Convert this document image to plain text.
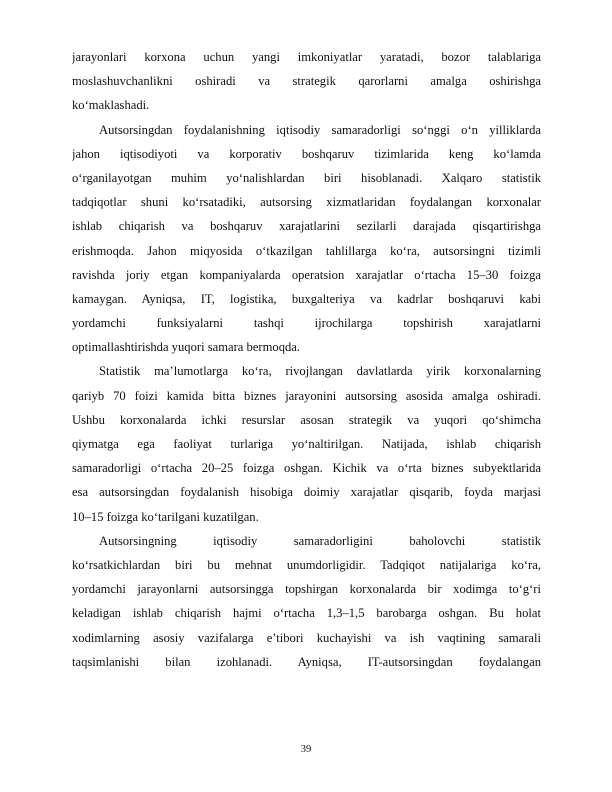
jarayonlari korxona uchun yangi imkoniyatlar yaratadi, bozor talablariga
moslashuvchanlikni oshiradi va strategik qarorlarni amalga oshirishga
ko‘maklashadi.
Autsorsingdan foydalanishning iqtisodiy samaradorligi so‘nggi o‘n yilliklarda
jahon iqtisodiyoti va korporativ boshqaruv tizimlarida keng ko‘lamda
o‘rganilayotgan muhim yo‘nalishlardan biri hisoblanadi. Xalqaro statistik
tadqiqotlar shuni ko‘rsatadiki, autsorsing xizmatlaridan foydalangan korxonalar
ishlab chiqarish va boshqaruv xarajatlarini sezilarli darajada qisqartirishga
erishmoqda. Jahon miqyosida o‘tkazilgan tahlillarga ko‘ra, autsorsingni tizimli
ravishda joriy etgan kompaniyalarda operatsion xarajatlar o‘rtacha 15–30 foizga
kamaygan. Ayniqsa, IT, logistika, buxgalteriya va kadrlar boshqaruvi kabi
yordamchi funksiyalarni tashqi ijrochilarga topshirish xarajatlarni
optimallashtirishda yuqori samara bermoqda.
Statistik ma’lumotlarga ko‘ra, rivojlangan davlatlarda yirik korxonalarning
qariyb 70 foizi kamida bitta biznes jarayonini autsorsing asosida amalga oshiradi.
Ushbu korxonalarda ichki resurslar asosan strategik va yuqori qo‘shimcha
qiymatga ega faoliyat turlariga yo‘naltirilgan. Natijada, ishlab chiqarish
samaradorligi o‘rtacha 20–25 foizga oshgan. Kichik va o‘rta biznes subyektlarida
esa autsorsingdan foydalanish hisobiga doimiy xarajatlar qisqarib, foyda marjasi
10–15 foizga ko‘tarilgani kuzatilgan.
Autsorsingning iqtisodiy samaradorligini baholovchi statistik
ko‘rsatkichlardan biri bu mehnat unumdorligidir. Tadqiqot natijalariga ko‘ra,
yordamchi jarayonlarni autsorsingga topshirgan korxonalarda bir xodimga to‘g‘ri
keladigan ishlab chiqarish hajmi o‘rtacha 1,3–1,5 barobarga oshgan. Bu holat
xodimlarning asosiy vazifalarga e’tibori kuchayishi va ish vaqtining samarali
taqsimlanishi bilan izohlanadi. Ayniqsa, IT-autsorsingdan foydalangan
39
